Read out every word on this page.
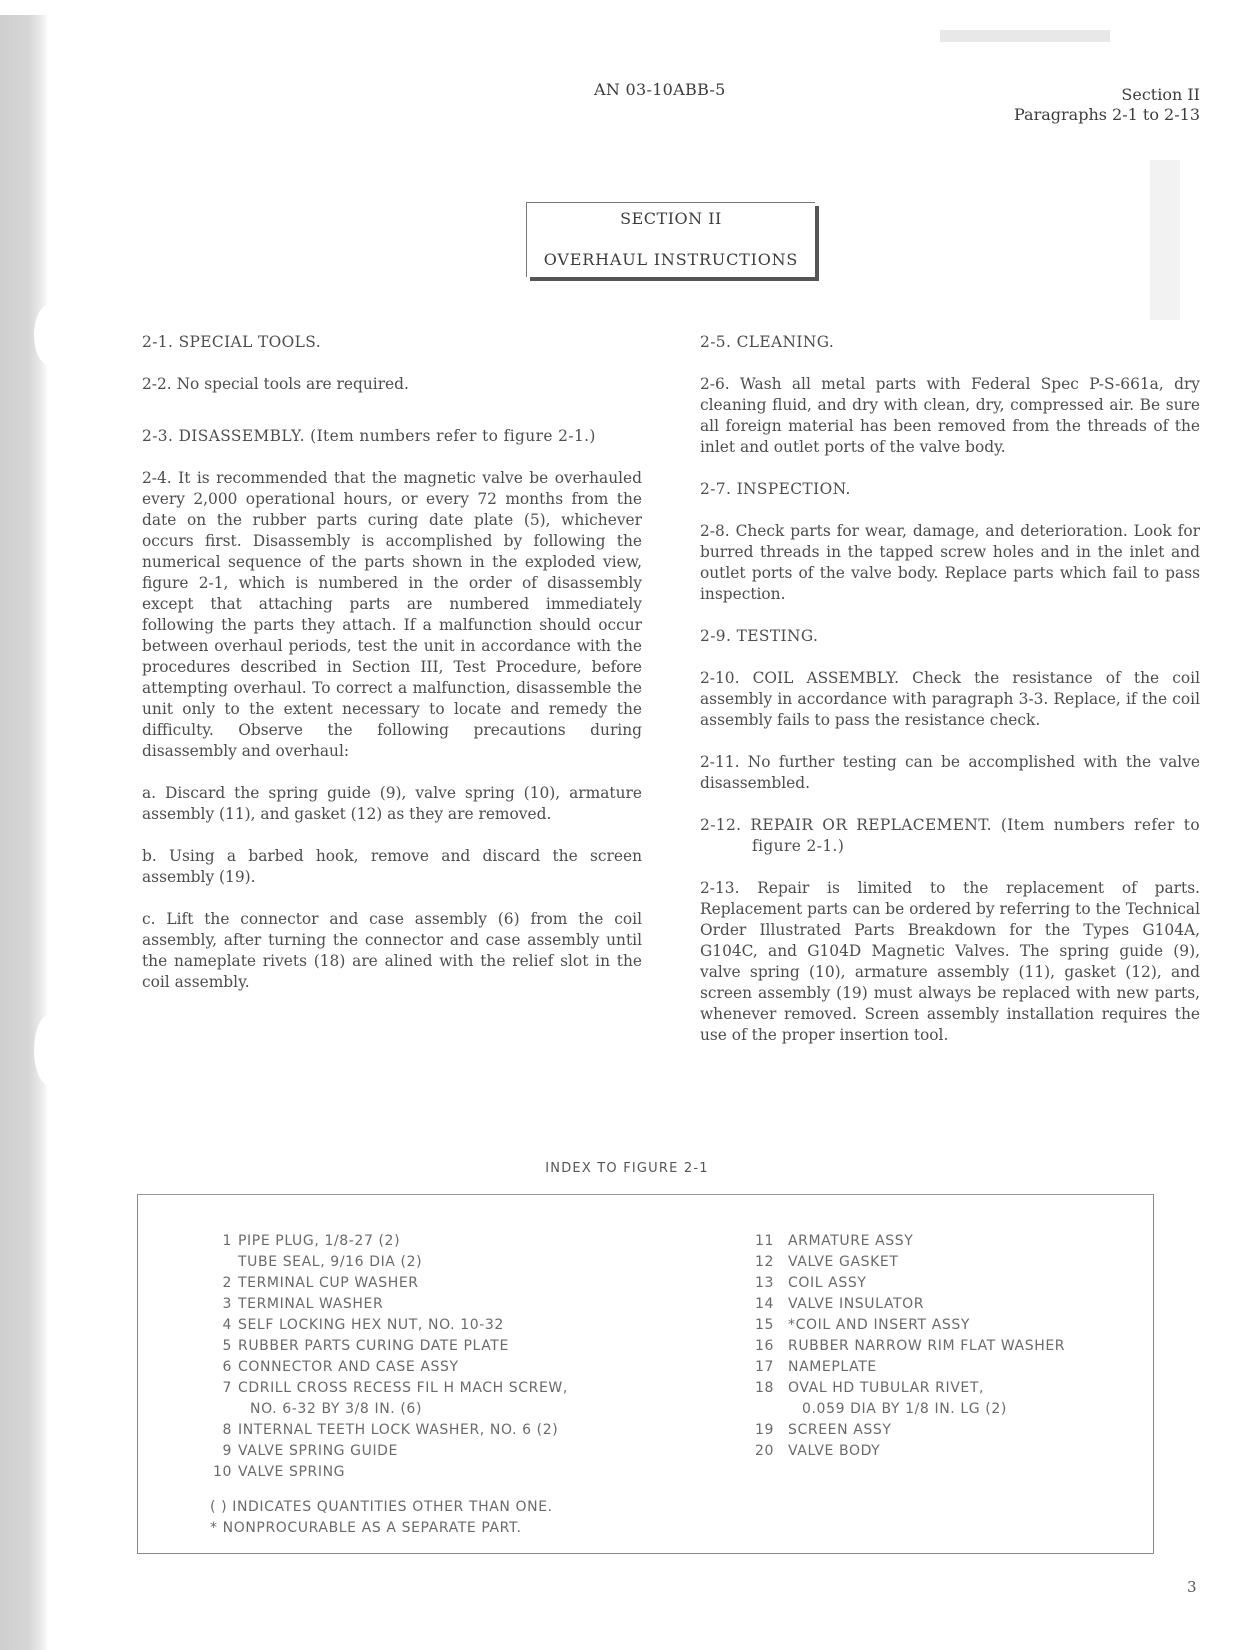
AN 03-10ABB-5	Section II
Paragraphs 2-1 to 2-13
SECTION II
OVERHAUL INSTRUCTIONS

2-1. SPECIAL TOOLS.

2-2. No special tools are required.

2-3. DISASSEMBLY. (Item numbers refer to figure 2-1.)

2-4. It is recommended that the magnetic valve be overhauled every 2,000 operational hours, or every 72 months from the date on the rubber parts curing date plate (5), whichever occurs first. Disassembly is accomplished by following the numerical sequence of the parts shown in the exploded view, figure 2-1, which is numbered in the order of disassembly except that attaching parts are numbered immediately following the parts they attach. If a malfunction should occur between overhaul periods, test the unit in accordance with the procedures described in Section III, Test Procedure, before attempting overhaul. To correct a malfunction, disassemble the unit only to the extent necessary to locate and remedy the difficulty. Observe the following precautions during disassembly and overhaul:

a. Discard the spring guide (9), valve spring (10), armature assembly (11), and gasket (12) as they are removed.

b. Using a barbed hook, remove and discard the screen assembly (19).

c. Lift the connector and case assembly (6) from the coil assembly, after turning the connector and case assembly until the nameplate rivets (18) are alined with the relief slot in the coil assembly.

2-5. CLEANING.

2-6. Wash all metal parts with Federal Spec P-S-661a, dry cleaning fluid, and dry with clean, dry, compressed air. Be sure all foreign material has been removed from the threads of the inlet and outlet ports of the valve body.

2-7. INSPECTION.

2-8. Check parts for wear, damage, and deterioration. Look for burred threads in the tapped screw holes and in the inlet and outlet ports of the valve body. Replace parts which fail to pass inspection.

2-9. TESTING.

2-10. COIL ASSEMBLY. Check the resistance of the coil assembly in accordance with paragraph 3-3. Replace, if the coil assembly fails to pass the resistance check.

2-11. No further testing can be accomplished with the valve disassembled.

2-12. REPAIR OR REPLACEMENT. (Item numbers refer to figure 2-1.)

2-13. Repair is limited to the replacement of parts. Replacement parts can be ordered by referring to the Technical Order Illustrated Parts Breakdown for the Types G104A, G104C, and G104D Magnetic Valves. The spring guide (9), valve spring (10), armature assembly (11), gasket (12), and screen assembly (19) must always be replaced with new parts, whenever removed. Screen assembly installation requires the use of the proper insertion tool.

INDEX TO FIGURE 2-1
1 PIPE PLUG, 1/8-27 (2)
TUBE SEAL, 9/16 DIA (2)
2 TERMINAL CUP WASHER
3 TERMINAL WASHER
4 SELF LOCKING HEX NUT, NO. 10-32
5 RUBBER PARTS CURING DATE PLATE
6 CONNECTOR AND CASE ASSY
7 CDRILL CROSS RECESS FIL H MACH SCREW,
NO. 6-32 BY 3/8 IN. (6)
8 INTERNAL TEETH LOCK WASHER, NO. 6 (2)
9 VALVE SPRING GUIDE
10 VALVE SPRING
11	ARMATURE ASSY
12	VALVE GASKET
13	COIL ASSY
14	VALVE INSULATOR
15	*COIL AND INSERT ASSY
16	RUBBER NARROW RIM FLAT WASHER
17	NAMEPLATE
18	OVAL HD TUBULAR RIVET,
0.059 DIA BY 1/8 IN. LG (2)
19	SCREEN ASSY
20	VALVE BODY
( ) INDICATES QUANTITIES OTHER THAN ONE.
* NONPROCURABLE AS A SEPARATE PART.
3
